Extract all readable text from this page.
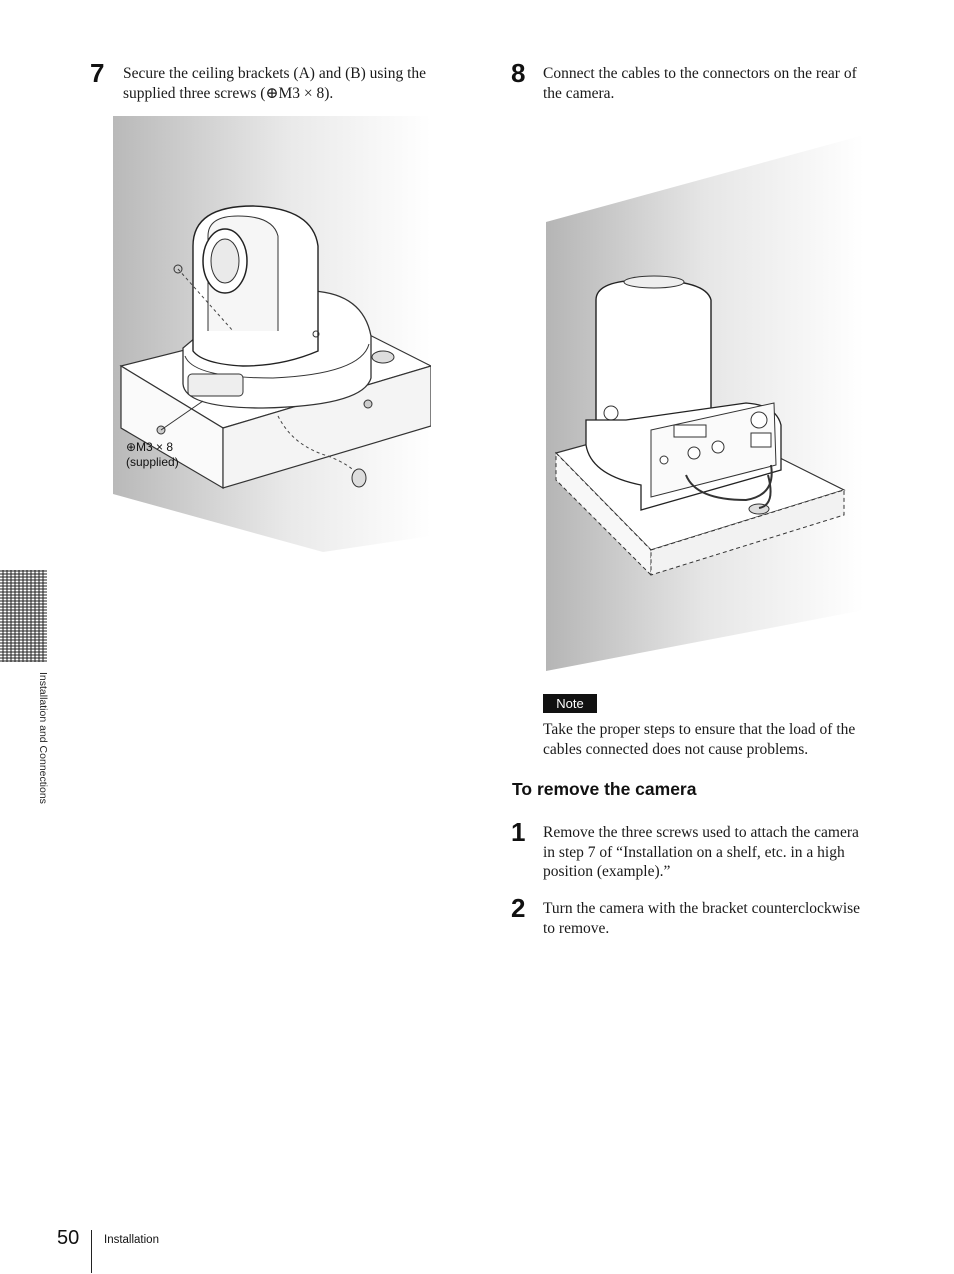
7 Secure the ceiling brackets (A) and (B) using the
supplied three screws (⊕M3 × 8).
⊕M3 × 8
(supplied)
8 Connect the cables to the connectors on the rear of
the camera.
Note
Take the proper steps to ensure that the load of the
cables connected does not cause problems.
To remove the camera
1 Remove the three screws used to attach the camera
in step 7 of “Installation on a shelf, etc. in a high
position (example).”
2 Turn the camera with the bracket counterclockwise
to remove.
Installation and Connections
50 Installation
